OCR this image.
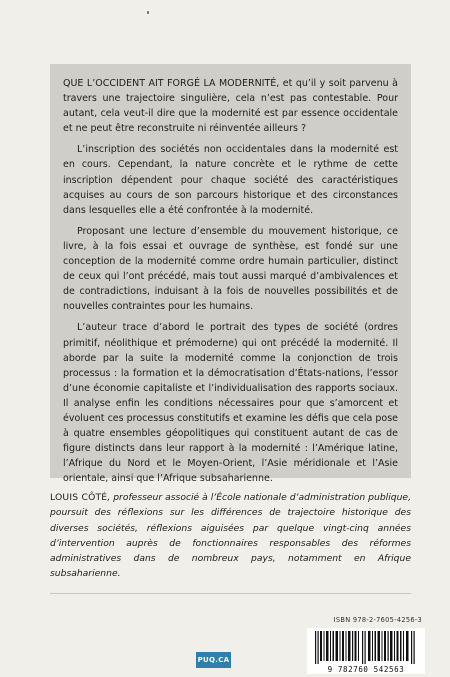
QUE L’OCCIDENT AIT FORGÉ LA MODERNITÉ, et qu’il y soit parvenu à travers une trajectoire singulière, cela n’est pas contestable. Pour autant, cela veut-il dire que la modernité est par essence occidentale et ne peut être reconstruite ni réinventée ailleurs ?

L’inscription des sociétés non occidentales dans la modernité est en cours. Cependant, la nature concrète et le rythme de cette inscription dépendent pour chaque société des caractéristiques acquises au cours de son parcours historique et des circonstances dans lesquelles elle a été confrontée à la modernité.

Proposant une lecture d’ensemble du mouvement historique, ce livre, à la fois essai et ouvrage de synthèse, est fondé sur une conception de la modernité comme ordre humain particulier, distinct de ceux qui l’ont précédé, mais tout aussi marqué d’ambivalences et de contradictions, induisant à la fois de nouvelles possibilités et de nouvelles contraintes pour les humains.

L’auteur trace d’abord le portrait des types de société (ordres primitif, néolithique et prémoderne) qui ont précédé la modernité. Il aborde par la suite la modernité comme la conjonction de trois processus : la formation et la démocratisation d’États-nations, l’essor d’une économie capitaliste et l’individualisation des rapports sociaux. Il analyse enfin les conditions nécessaires pour que s’amorcent et évoluent ces processus constitutifs et examine les défis que cela pose à quatre ensembles géopolitiques qui constituent autant de cas de figure distincts dans leur rapport à la modernité : l’Amérique latine, l’Afrique du Nord et le Moyen-Orient, l’Asie méridionale et l’Asie orientale, ainsi que l’Afrique subsaharienne.

LOUIS CÔTÉ, professeur associé à l’École nationale d’administration publique, poursuit des réflexions sur les différences de trajectoire historique des diverses sociétés, réflexions aiguisées par quelque vingt-cinq années d’intervention auprès de fonctionnaires responsables des réformes administratives dans de nombreux pays, notamment en Afrique subsaharienne.
ISBN 978-2-7605-4256-3
9 782760 542563
PUQ.CA
